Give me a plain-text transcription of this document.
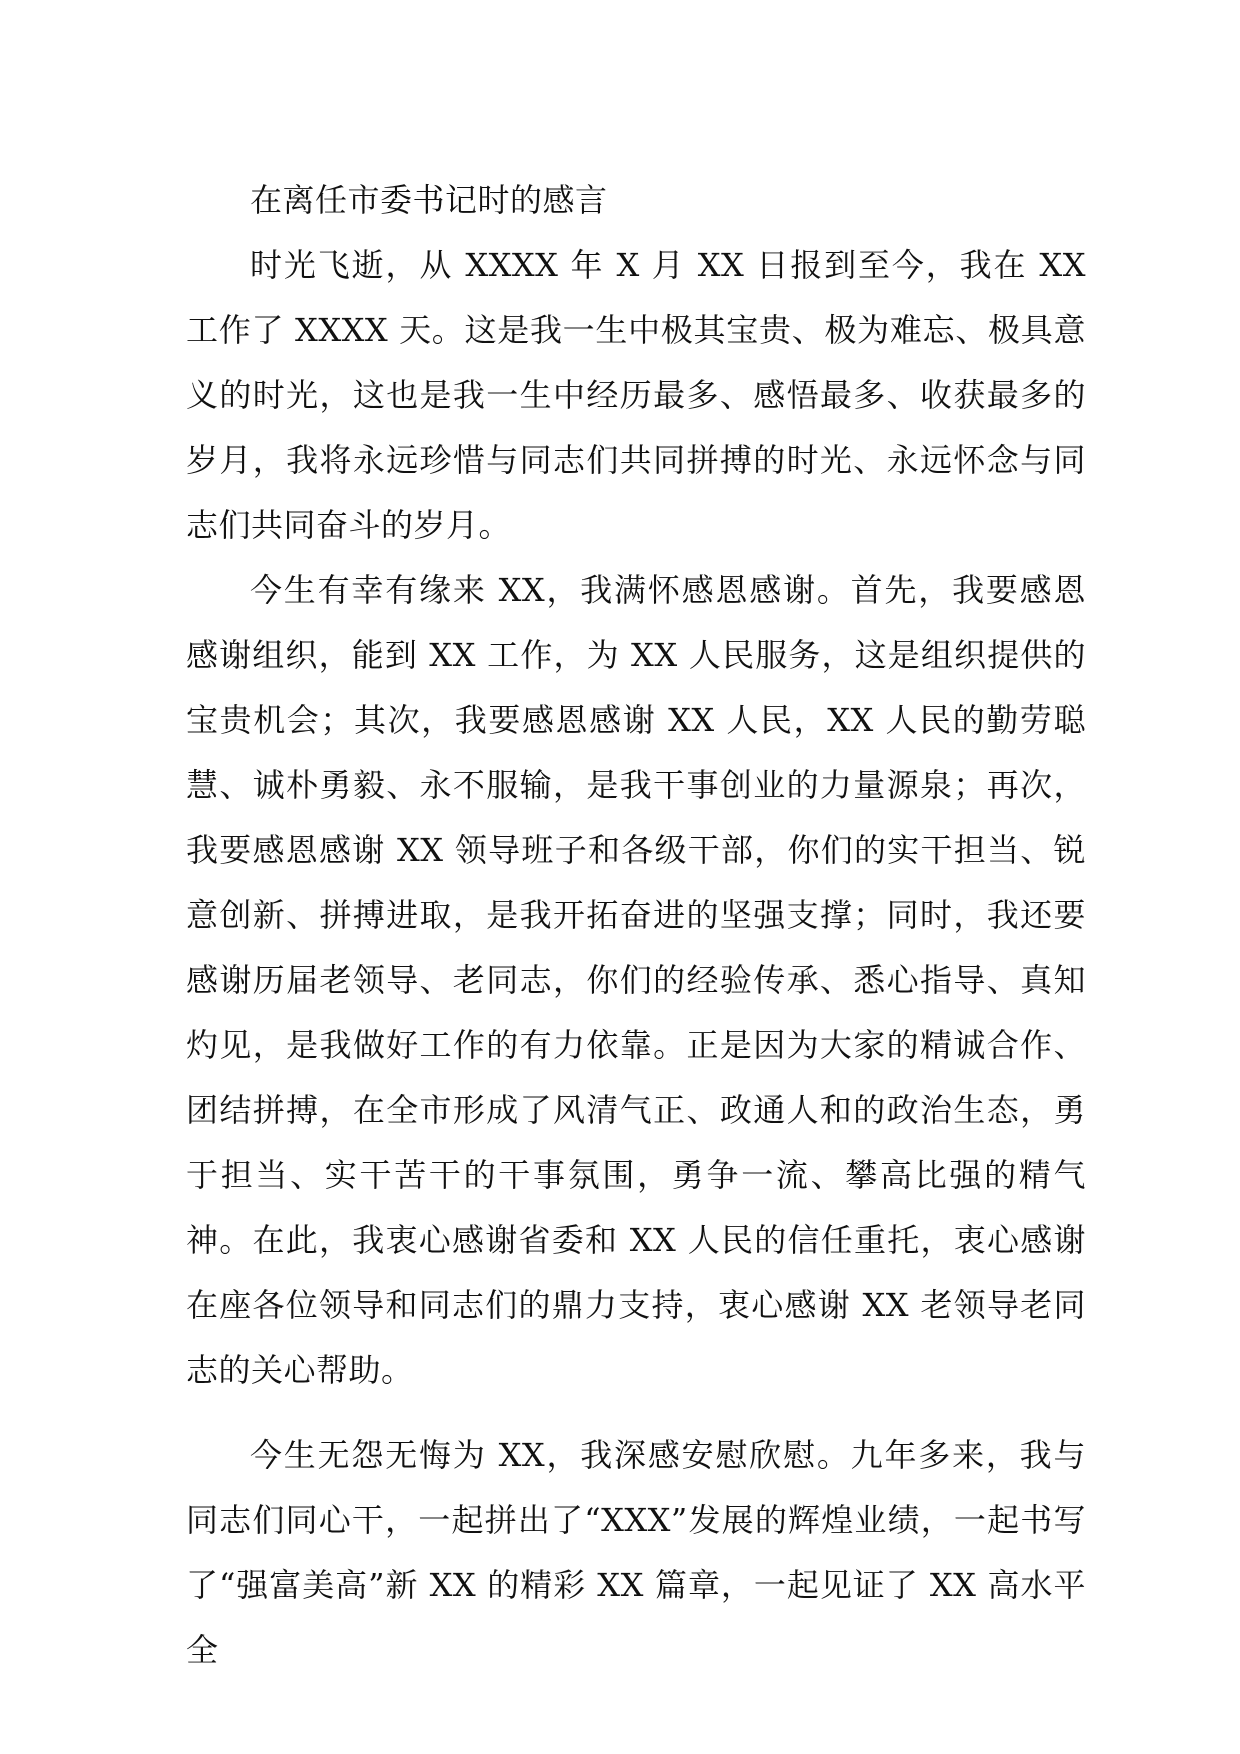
在离任市委书记时的感言

时光飞逝，从 XXXX 年 X 月 XX 日报到至今，我在 XX 工作了 XXXX 天。这是我一生中极其宝贵、极为难忘、极具意义的时光，这也是我一生中经历最多、感悟最多、收获最多的岁月，我将永远珍惜与同志们共同拼搏的时光、永远怀念与同志们共同奋斗的岁月。

今生有幸有缘来 XX，我满怀感恩感谢。首先，我要感恩感谢组织，能到 XX 工作，为 XX 人民服务，这是组织提供的宝贵机会；其次，我要感恩感谢 XX 人民，XX 人民的勤劳聪慧、诚朴勇毅、永不服输，是我干事创业的力量源泉；再次，我要感恩感谢 XX 领导班子和各级干部，你们的实干担当、锐意创新、拼搏进取，是我开拓奋进的坚强支撑；同时，我还要感谢历届老领导、老同志，你们的经验传承、悉心指导、真知灼见，是我做好工作的有力依靠。正是因为大家的精诚合作、团结拼搏，在全市形成了风清气正、政通人和的政治生态，勇于担当、实干苦干的干事氛围，勇争一流、攀高比强的精气神。在此，我衷心感谢省委和 XX 人民的信任重托，衷心感谢在座各位领导和同志们的鼎力支持，衷心感谢 XX 老领导老同志的关心帮助。

今生无怨无悔为 XX，我深感安慰欣慰。九年多来，我与同志们同心干，一起拼出了“XXX”发展的辉煌业绩，一起书写了“强富美高”新 XX 的精彩 XX 篇章，一起见证了 XX 高水平全
